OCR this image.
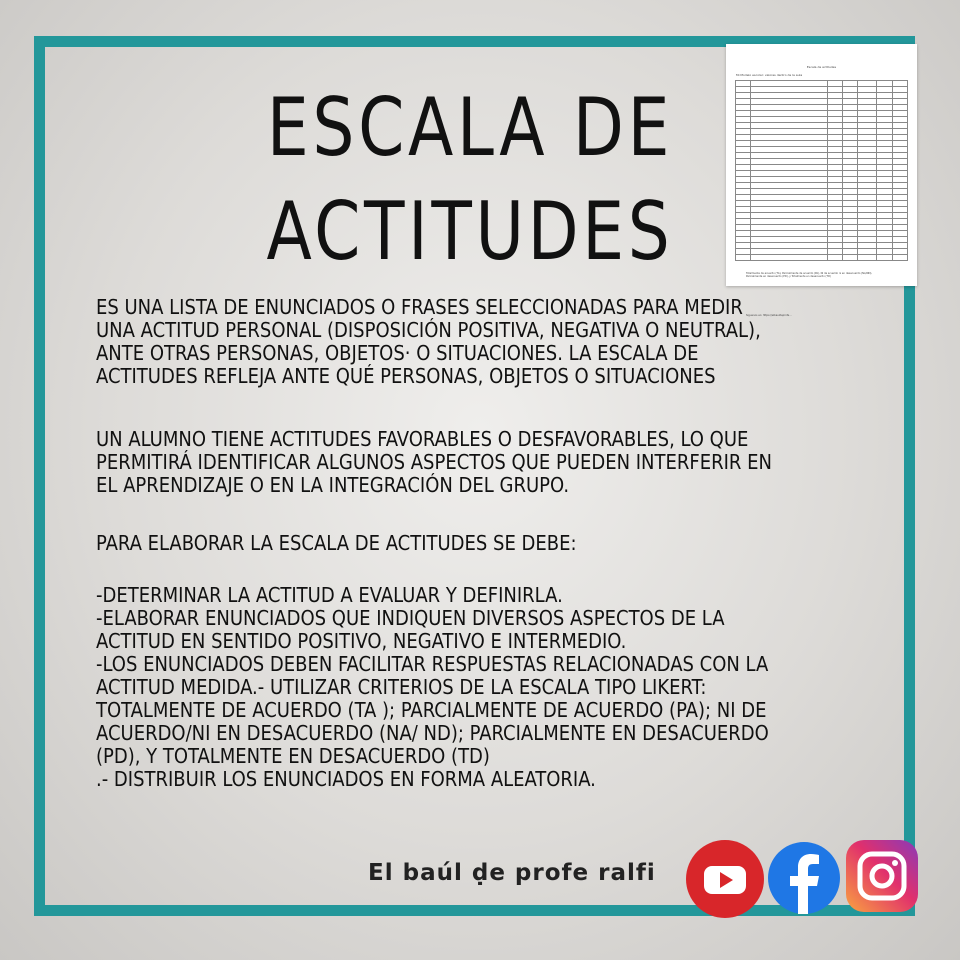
ESCALA DE
ACTITUDES
Escala de actitudes
Mi Modelo escolar: valores dentro de la aula

Totalmente de acuerdo (TA), Parcialmente de acuerdo (PA), Ni de acuerdo ni en desacuerdo (NA/ND), Parcialmente en desacuerdo (PD), y Totalmente en desacuerdo (TD)
Siguenos en: https://elbauldeprofe...
ES UNA LISTA DE ENUNCIADOS O FRASES SELECCIONADAS PARA MEDIR
UNA ACTITUD PERSONAL (DISPOSICIÓN POSITIVA, NEGATIVA O NEUTRAL),
ANTE OTRAS PERSONAS, OBJETOS· O SITUACIONES. LA ESCALA DE
ACTITUDES REFLEJA ANTE QUÉ PERSONAS, OBJETOS O SITUACIONES
UN ALUMNO TIENE ACTITUDES FAVORABLES O DESFAVORABLES, LO QUE
PERMITIRÁ IDENTIFICAR ALGUNOS ASPECTOS QUE PUEDEN INTERFERIR EN
EL APRENDIZAJE O EN LA INTEGRACIÓN DEL GRUPO.
PARA ELABORAR LA ESCALA DE ACTITUDES SE DEBE:
-DETERMINAR LA ACTITUD A EVALUAR Y DEFINIRLA.
-ELABORAR ENUNCIADOS QUE INDIQUEN DIVERSOS ASPECTOS DE LA
ACTITUD EN SENTIDO POSITIVO, NEGATIVO E INTERMEDIO.
-LOS ENUNCIADOS DEBEN FACILITAR RESPUESTAS RELACIONADAS CON LA
ACTITUD MEDIDA.- UTILIZAR CRITERIOS DE LA ESCALA TIPO LIKERT:
TOTALMENTE DE ACUERDO (TA ); PARCIALMENTE DE ACUERDO (PA); NI DE
ACUERDO/NI EN DESACUERDO (NA/ ND); PARCIALMENTE EN DESACUERDO
(PD), Y TOTALMENTE EN DESACUERDO (TD)
.- DISTRIBUIR LOS ENUNCIADOS EN FORMA ALEATORIA.
El baúl ḍe profe ralfi
